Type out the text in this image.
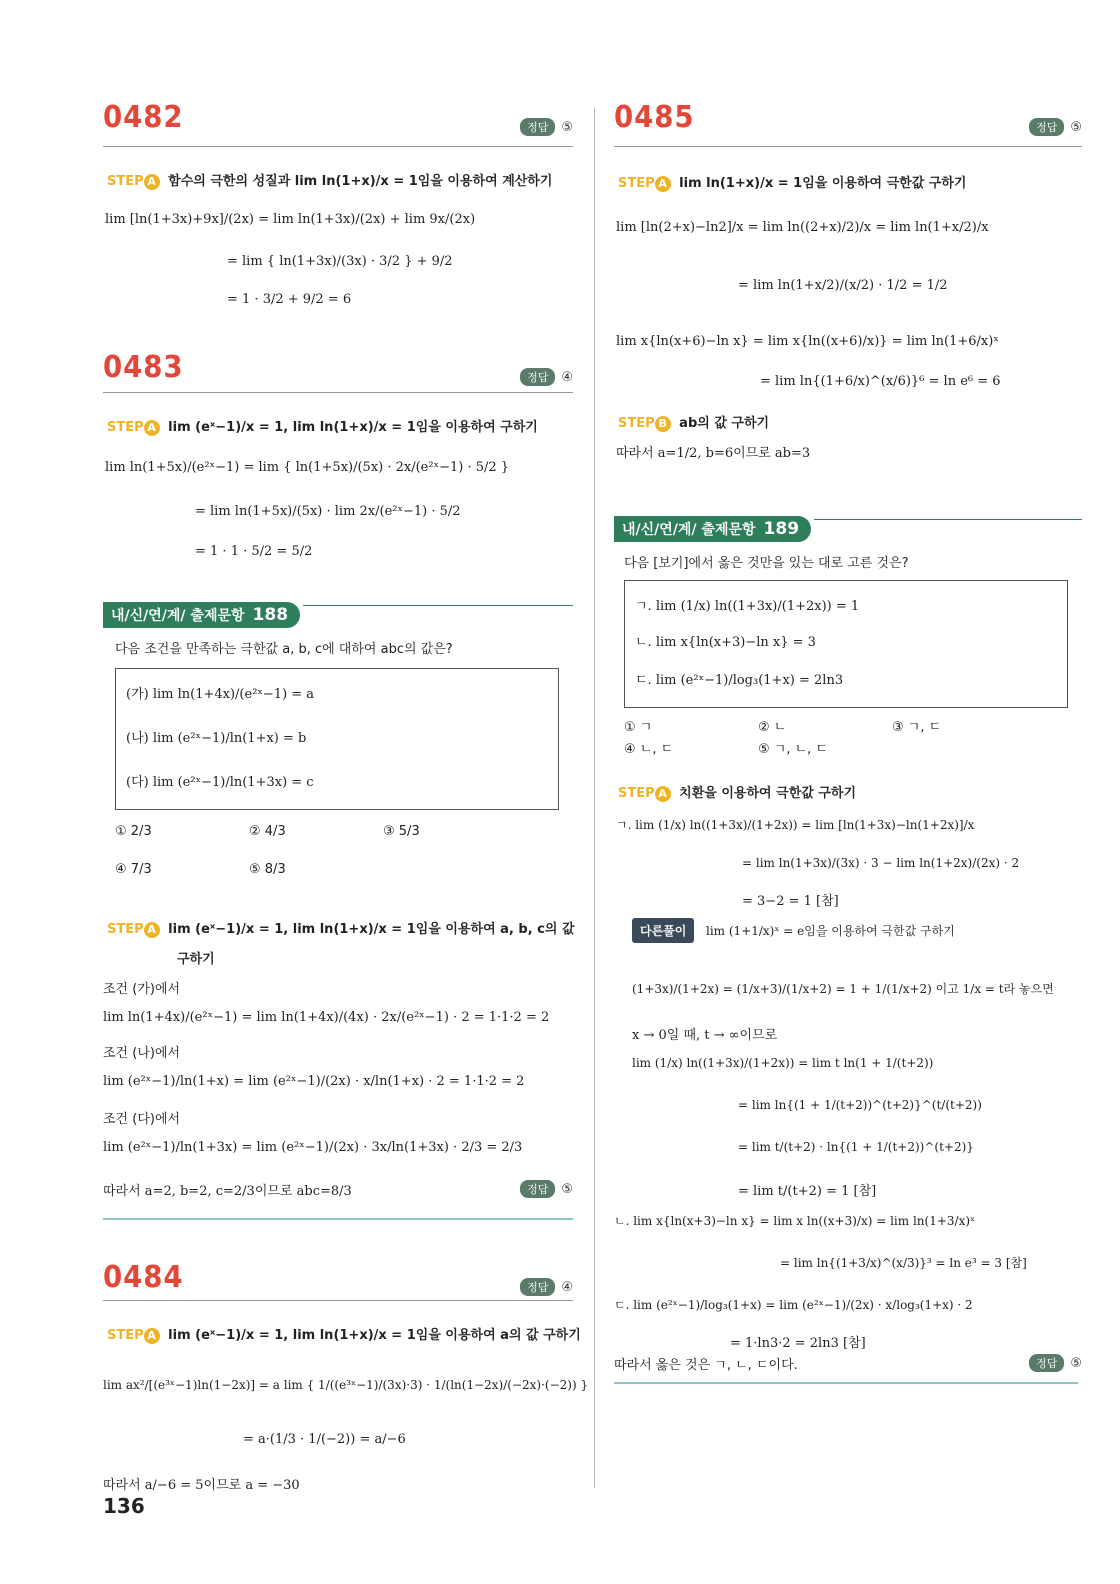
0482	정답	⑤
STEP A 함수의 극한의 성질과 lim ln(1+x)/x = 1임을 이용하여 계산하기
lim [ln(1+3x)+9x]/(2x) = lim ln(1+3x)/(2x) + lim 9x/(2x)
= lim { ln(1+3x)/(3x) · 3/2 } + 9/2
= 1 · 3/2 + 9/2 = 6
0483	정답	④
STEP A lim (eˣ−1)/x = 1, lim ln(1+x)/x = 1임을 이용하여 구하기
lim ln(1+5x)/(e²ˣ−1) = lim { ln(1+5x)/(5x) · 2x/(e²ˣ−1) · 5/2 }
= lim ln(1+5x)/(5x) · lim 2x/(e²ˣ−1) · 5/2
= 1 · 1 · 5/2 = 5/2
내/신/연/계/ 출제문항 188
다음 조건을 만족하는 극한값 a, b, c에 대하여 abc의 값은?
(가) lim ln(1+4x)/(e²ˣ−1) = a
(나) lim (e²ˣ−1)/ln(1+x) = b
(다) lim (e²ˣ−1)/ln(1+3x) = c
① 2/3	② 4/3	③ 5/3
④ 7/3	⑤ 8/3
STEP A lim (eˣ−1)/x = 1, lim ln(1+x)/x = 1임을 이용하여 a, b, c의 값
구하기
조건 (가)에서
lim ln(1+4x)/(e²ˣ−1) = lim ln(1+4x)/(4x) · 2x/(e²ˣ−1) · 2 = 1·1·2 = 2
조건 (나)에서
lim (e²ˣ−1)/ln(1+x) = lim (e²ˣ−1)/(2x) · x/ln(1+x) · 2 = 1·1·2 = 2
조건 (다)에서
lim (e²ˣ−1)/ln(1+3x) = lim (e²ˣ−1)/(2x) · 3x/ln(1+3x) · 2/3 = 2/3
따라서 a=2, b=2, c=2/3이므로 abc=8/3	정답	⑤
0484	정답	④
STEP A lim (eˣ−1)/x = 1, lim ln(1+x)/x = 1임을 이용하여 a의 값 구하기
lim ax²/[(e³ˣ−1)ln(1−2x)] = a lim { 1/((e³ˣ−1)/(3x)·3) · 1/(ln(1−2x)/(−2x)·(−2)) }
= a·(1/3 · 1/(−2)) = a/−6
따라서 a/−6 = 5이므로 a = −30
0485	정답	⑤
STEP A lim ln(1+x)/x = 1임을 이용하여 극한값 구하기
lim [ln(2+x)−ln2]/x = lim ln((2+x)/2)/x = lim ln(1+x/2)/x
= lim ln(1+x/2)/(x/2) · 1/2 = 1/2
lim x{ln(x+6)−ln x} = lim x{ln((x+6)/x)} = lim ln(1+6/x)ˣ
= lim ln{(1+6/x)^(x/6)}⁶ = ln e⁶ = 6
STEP B ab의 값 구하기
따라서 a=1/2, b=6이므로 ab=3
내/신/연/계/ 출제문항 189
다음 [보기]에서 옳은 것만을 있는 대로 고른 것은?
ㄱ. lim (1/x) ln((1+3x)/(1+2x)) = 1
ㄴ. lim x{ln(x+3)−ln x} = 3
ㄷ. lim (e²ˣ−1)/log₃(1+x) = 2ln3
① ㄱ	② ㄴ	③ ㄱ, ㄷ
④ ㄴ, ㄷ	⑤ ㄱ, ㄴ, ㄷ
STEP A 치환을 이용하여 극한값 구하기
ㄱ. lim (1/x) ln((1+3x)/(1+2x)) = lim [ln(1+3x)−ln(1+2x)]/x
= lim ln(1+3x)/(3x) · 3 − lim ln(1+2x)/(2x) · 2
= 3−2 = 1 [참]
다른풀이	lim (1+1/x)ˣ = e임을 이용하여 극한값 구하기
(1+3x)/(1+2x) = (1/x+3)/(1/x+2) = 1 + 1/(1/x+2) 이고 1/x = t라 놓으면
x → 0일 때, t → ∞이므로
lim (1/x) ln((1+3x)/(1+2x)) = lim t ln(1 + 1/(t+2))
= lim ln{(1 + 1/(t+2))^(t+2)}^(t/(t+2))
= lim t/(t+2) · ln{(1 + 1/(t+2))^(t+2)}
= lim t/(t+2) = 1 [참]
ㄴ. lim x{ln(x+3)−ln x} = lim x ln((x+3)/x) = lim ln(1+3/x)ˣ
= lim ln{(1+3/x)^(x/3)}³ = ln e³ = 3 [참]
ㄷ. lim (e²ˣ−1)/log₃(1+x) = lim (e²ˣ−1)/(2x) · x/log₃(1+x) · 2
= 1·ln3·2 = 2ln3 [참]
따라서 옳은 것은 ㄱ, ㄴ, ㄷ이다.	정답	⑤
136
